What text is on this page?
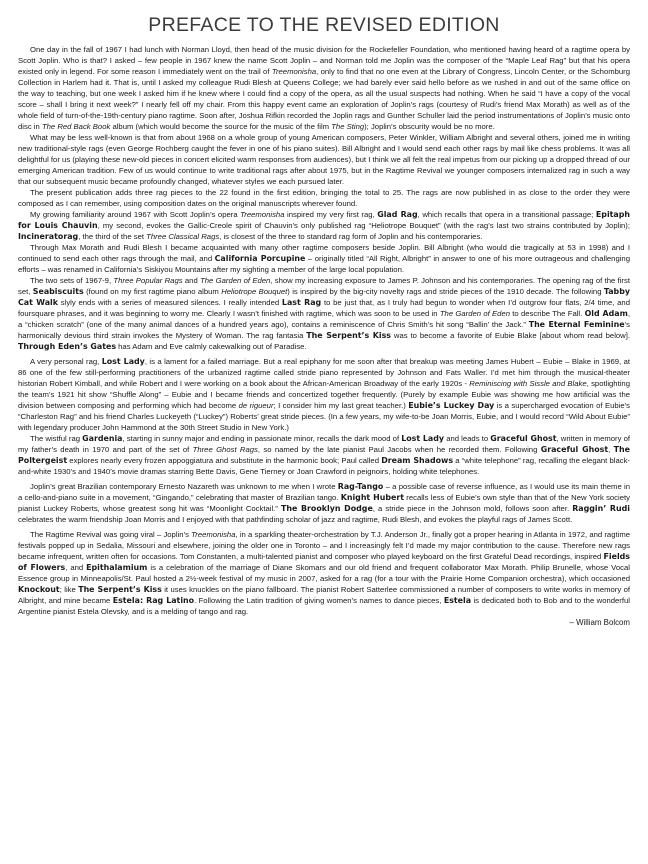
PREFACE TO THE REVISED EDITION

One day in the fall of 1967 I had lunch with Norman Lloyd, then head of the music division for the Rockefeller Foundation, who mentioned having heard of a ragtime opera by Scott Joplin. Who is that? I asked – few people in 1967 knew the name Scott Joplin – and Norman told me Joplin was the composer of the “Maple Leaf Rag” but that his opera existed only in legend. For some reason I immediately went on the trail of Treemonisha, only to find that no one even at the Library of Congress, Lincoln Center, or the Schomburg Collection in Harlem had it. That is, until I asked my colleague Rudi Blesh at Queens College; we had barely ever said hello before as we rushed in and out of the same office on the way to teaching, but one week I asked him if he knew where I could find a copy of the opera, as all the usual suspects had nothing. When he said “I have a copy of the vocal score – shall I bring it next week?” I nearly fell off my chair. From this happy event came an exploration of Joplin’s rags (courtesy of Rudi’s friend Max Morath) as well as of the whole field of turn-of-the-19th-century piano ragtime. Soon after, Joshua Rifkin recorded the Joplin rags and Gunther Schuller laid the period instrumentations of Joplin’s music onto disc in The Red Back Book album (which would become the source for the music of the film The Sting); Joplin’s obscurity would be no more.

What may be less well-known is that from about 1968 on a whole group of young American composers, Peter Winkler, William Albright and several others, joined me in writing new traditional-style rags (even George Rochberg caught the fever in one of his piano suites). Bill Albright and I would send each other rags by mail like chess problems. It was all delightful for us (playing these new-old pieces in concert elicited warm responses from audiences), but I think we all felt the real impetus from our picking up a dropped thread of our emerging American tradition. Few of us would continue to write traditional rags after about 1975, but in the Ragtime Revival we younger composers internalized rag in such a way that our subsequent music became profoundly changed, whatever styles we each pursued later.

The present publication adds three rag pieces to the 22 found in the first edition, bringing the total to 25. The rags are now published in as close to the order they were composed as I can remember, using composition dates on the original manuscripts wherever found.

My growing familiarity around 1967 with Scott Joplin’s opera Treemonisha inspired my very first rag, Glad Rag, which recalls that opera in a transitional passage; Epitaph for Louis Chauvin, my second, evokes the Gallic-Creole spirit of Chauvin’s only published rag “Heliotrope Bouquet” (with the rag’s last two strains contributed by Joplin); Incineratorag, the third of the set Three Classical Rags, is closest of the three to standard rag form of Joplin and his contemporaries.

Through Max Morath and Rudi Blesh I became acquainted with many other ragtime composers beside Joplin. Bill Albright (who would die tragically at 53 in 1998) and I continued to send each other rags through the mail, and California Porcupine – originally titled “All Right, Albright” in answer to one of his more outrageous and challenging efforts – was renamed in California’s Siskiyou Mountains after my sighting a member of the large local population.

The two sets of 1967-9, Three Popular Rags and The Garden of Eden, show my increasing exposure to James P. Johnson and his contemporaries. The opening rag of the first set, Seabiscuits (found on my first ragtime piano album Heliotrope Bouquet) is inspired by the big-city novelty rags and stride pieces of the 1910 decade. The following Tabby Cat Walk slyly ends with a series of measured silences. I really intended Last Rag to be just that, as I truly had begun to wonder when I’d outgrow four flats, 2/4 time, and foursquare phrases, and it was beginning to worry me. Clearly I wasn’t finished with ragtime, which was soon to be used in The Garden of Eden to describe The Fall. Old Adam, a “chicken scratch” (one of the many animal dances of a hundred years ago), contains a reminiscence of Chris Smith’s hit song “Ballin’ the Jack.” The Eternal Feminine’s harmonically devious third strain invokes the Mystery of Woman. The rag fantasia The Serpent’s Kiss was to become a favorite of Eubie Blake [about whom read below]. Through Eden’s Gates has Adam and Eve calmly cakewalking out of Paradise.

A very personal rag, Lost Lady, is a lament for a failed marriage. But a real epiphany for me soon after that breakup was meeting James Hubert – Eubie – Blake in 1969, at 86 one of the few still-performing practitioners of the urbanized ragtime called stride piano represented by Johnson and Fats Waller. I’d met him through the musical-theater historian Robert Kimball, and while Robert and I were working on a book about the African-American Broadway of the early 1920s - Reminiscing with Sissle and Blake, spotlighting the team’s 1921 hit show “Shuffle Along” – Eubie and I became friends and concertized together frequently. (Purely by example Eubie was showing me how artificial was the division between composing and performing which had become de rigueur; I consider him my last great teacher.) Eubie’s Luckey Day is a supercharged evocation of Eubie’s “Charleston Rag” and his friend Charles Luckeyeth (“Luckey”) Roberts’ great stride pieces. (In a few years, my wife-to-be Joan Morris, Eubie, and I would record “Wild About Eubie” with legendary producer John Hammond at the 30th Street Studio in New York.)

The wistful rag Gardenia, starting in sunny major and ending in passionate minor, recalls the dark mood of Lost Lady and leads to Graceful Ghost, written in memory of my father’s death in 1970 and part of the set of Three Ghost Rags, so named by the late pianist Paul Jacobs when he recorded them. Following Graceful Ghost, The Poltergeist explores nearly every frozen appoggiatura and substitute in the harmonic book; Paul called Dream Shadows a “white telephone” rag, recalling the elegant black-and-white 1930’s and 1940’s movie dramas starring Bette Davis, Gene Tierney or Joan Crawford in peignoirs, holding white telephones.

Joplin’s great Brazilian contemporary Ernesto Nazareth was unknown to me when I wrote Rag-Tango – a possible case of reverse influence, as I would use its main theme in a cello-and-piano suite in a movement, “Gingando,” celebrating that master of Brazilian tango. Knight Hubert recalls less of Eubie’s own style than that of the New York society pianist Luckey Roberts, whose greatest song hit was “Moonlight Cocktail.” The Brooklyn Dodge, a stride piece in the Johnson mold, follows soon after. Raggin’ Rudi celebrates the warm friendship Joan Morris and I enjoyed with that pathfinding scholar of jazz and ragtime, Rudi Blesh, and evokes the playful rags of James Scott.

The Ragtime Revival was going viral – Joplin’s Treemonisha, in a sparkling theater-orchestration by T.J. Anderson Jr., finally got a proper hearing in Atlanta in 1972, and ragtime festivals popped up in Sedalia, Missouri and elsewhere, joining the older one in Toronto – and I increasingly felt I’d made my major contribution to the cause. Therefore new rags became infrequent, written often for occasions. Tom Constanten, a multi-talented pianist and composer who played keyboard on the first Grateful Dead recordings, inspired Fields of Flowers, and Epithalamium is a celebration of the marriage of Diane Skomars and our old friend and frequent collaborator Max Morath. Philip Brunelle, whose Vocal Essence group in Minneapolis/St. Paul hosted a 2½-week festival of my music in 2007, asked for a rag (for a tour with the Prairie Home Companion orchestra), which occasioned Knockout; like The Serpent’s Kiss it uses knuckles on the piano fallboard. The pianist Robert Satterlee commissioned a number of composers to write works in memory of Albright, and mine became Estela: Rag Latino. Following the Latin tradition of giving women’s names to dance pieces, Estela is dedicated both to Bob and to the wonderful Argentine pianist Estela Olevsky, and is a melding of tango and rag.

– William Bolcom
